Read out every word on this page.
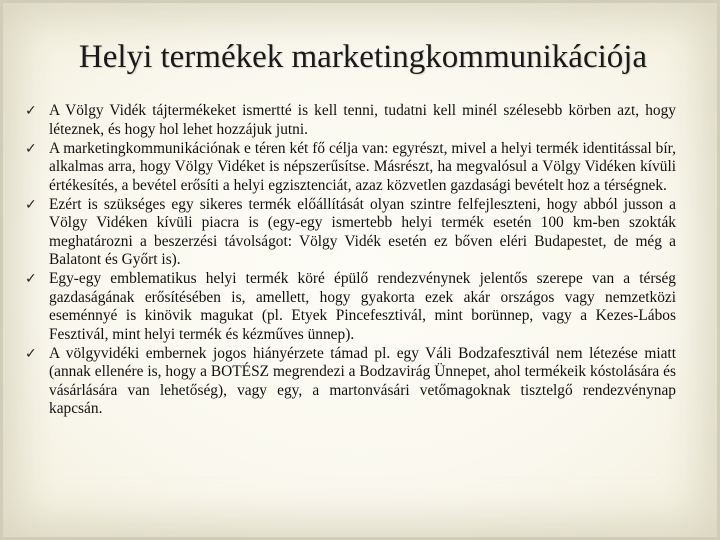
Helyi termékek marketingkommunikációja
✓ A Völgy Vidék tájtermékeket ismertté is kell tenni, tudatni kell minél szélesebb körben azt, hogy léteznek, és hogy hol lehet hozzájuk jutni.
✓ A marketingkommunikációnak e téren két fő célja van: egyrészt, mivel a helyi termék identitással bír, alkalmas arra, hogy Völgy Vidéket is népszerűsítse. Másrészt, ha megvalósul a Völgy Vidéken kívüli értékesítés, a bevétel erősíti a helyi egzisztenciát, azaz közvetlen gazdasági bevételt hoz a térségnek.
✓ Ezért is szükséges egy sikeres termék előállítását olyan szintre felfejleszteni, hogy abból jusson a Völgy Vidéken kívüli piacra is (egy-egy ismertebb helyi termék esetén 100 km-ben szokták meghatározni a beszerzési távolságot: Völgy Vidék esetén ez bőven eléri Budapestet, de még a Balatont és Győrt is).
✓ Egy-egy emblematikus helyi termék köré épülő rendezvénynek jelentős szerepe van a térség gazdaságának erősítésében is, amellett, hogy gyakorta ezek akár országos vagy nemzetközi eseménnyé is kinövik magukat (pl. Etyek Pincefesztivál, mint borünnep, vagy a Kezes-Lábos Fesztivál, mint helyi termék és kézműves ünnep).
✓ A völgyvidéki embernek jogos hiányérzete támad pl. egy Váli Bodzafesztivál nem létezése miatt (annak ellenére is, hogy a BOTÉSZ megrendezi a Bodzavirág Ünnepet, ahol termékeik kóstolására és vásárlására van lehetőség), vagy egy, a martonvásári vetőmagoknak tisztelgő rendezvénynap kapcsán.
